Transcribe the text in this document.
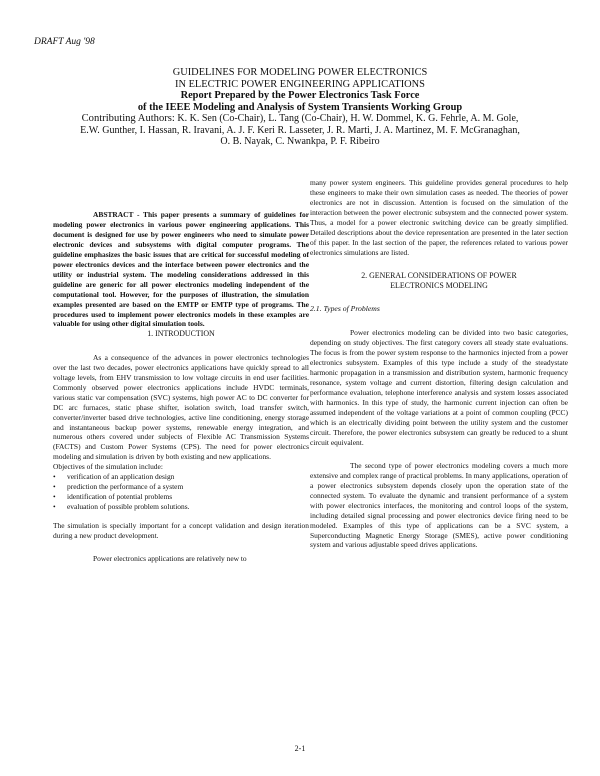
DRAFT Aug '98
GUIDELINES FOR MODELING POWER ELECTRONICS
IN ELECTRIC POWER ENGINEERING APPLICATIONS
Report Prepared by the Power Electronics Task Force
of the IEEE Modeling and Analysis of System Transients Working Group
Contributing Authors: K. K. Sen (Co-Chair), L. Tang (Co-Chair), H. W. Dommel, K. G. Fehrle, A. M. Gole,
E.W. Gunther, I. Hassan, R. Iravani, A. J. F. Keri R. Lasseter, J. R. Marti, J. A. Martinez, M. F. McGranaghan,
O. B. Nayak, C. Nwankpa, P. F. Ribeiro

ABSTRACT - This paper presents a summary of guidelines for modeling power electronics in various power engineering applications. This document is designed for use by power engineers who need to simulate power electronic devices and subsystems with digital computer programs. The guideline emphasizes the basic issues that are critical for successful modeling of power electronics devices and the interface between power electronics and the utility or industrial system. The modeling considerations addressed in this guideline are generic for all power electronics modeling independent of the computational tool. However, for the purposes of illustration, the simulation examples presented are based on the EMTP or EMTP type of programs. The procedures used to implement power electronics models in these examples are valuable for using other digital simulation tools.

1. INTRODUCTION

As a consequence of the advances in power electronics technologies over the last two decades, power electronics applications have quickly spread to all voltage levels, from EHV transmission to low voltage circuits in end user facilities. Commonly observed power electronics applications include HVDC terminals, various static var compensation (SVC) systems, high power AC to DC converter for DC arc furnaces, static phase shifter, isolation switch, load transfer switch, converter/inverter based drive technologies, active line conditioning, energy storage and instantaneous backup power systems, renewable energy integration, and numerous others covered under subjects of Flexible AC Transmission Systems (FACTS) and Custom Power Systems (CPS). The need for power electronics modeling and simulation is driven by both existing and new applications.

Objectives of the simulation include:

• verification of an application design
• prediction the performance of a system
• identification of potential problems
• evaluation of possible problem solutions.

The simulation is specially important for a concept validation and design iteration during a new product development.

Power electronics applications are relatively new to

many power system engineers. This guideline provides general procedures to help these engineers to make their own simulation cases as needed. The theories of power electronics are not in discussion. Attention is focused on the simulation of the interaction between the power electronic subsystem and the connected power system. Thus, a model for a power electronic switching device can be greatly simplified. Detailed descriptions about the device representation are presented in the later section of this paper. In the last section of the paper, the references related to various power electronics simulations are listed.

2. GENERAL CONSIDERATIONS OF POWER
ELECTRONICS MODELING
2.1. Types of Problems

Power electronics modeling can be divided into two basic categories, depending on study objectives. The first category covers all steady state evaluations. The focus is from the power system response to the harmonics injected from a power electronics subsystem. Examples of this type include a study of the steadystate harmonic propagation in a transmission and distribution system, harmonic frequency resonance, system voltage and current distortion, filtering design calculation and performance evaluation, telephone interference analysis and system losses associated with harmonics. In this type of study, the harmonic current injection can often be assumed independent of the voltage variations at a point of common coupling (PCC) which is an electrically dividing point between the utility system and the customer circuit. Therefore, the power electronics subsystem can greatly be reduced to a shunt circuit equivalent.

The second type of power electronics modeling covers a much more extensive and complex range of practical problems. In many applications, operation of a power electronics subsystem depends closely upon the operation state of the connected system. To evaluate the dynamic and transient performance of a system with power electronics interfaces, the monitoring and control loops of the system, including detailed signal processing and power electronics device firing need to be modeled. Examples of this type of applications can be a SVC system, a Superconducting Magnetic Energy Storage (SMES), active power conditioning system and various adjustable speed drives applications.

2-1
